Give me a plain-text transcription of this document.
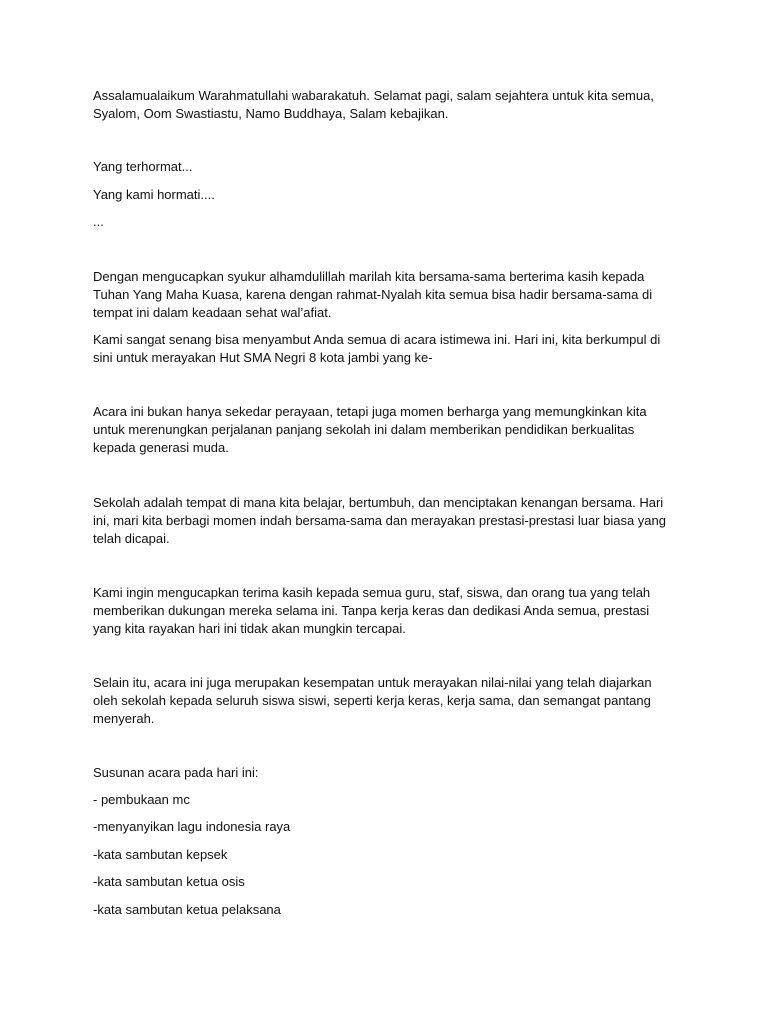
Assalamualaikum Warahmatullahi wabarakatuh. Selamat pagi, salam sejahtera untuk kita semua,
Syalom, Oom Swastiastu, Namo Buddhaya, Salam kebajikan.

Yang terhormat...

Yang kami hormati....

...

Dengan mengucapkan syukur alhamdulillah marilah kita bersama-sama berterima kasih kepada
Tuhan Yang Maha Kuasa, karena dengan rahmat-Nyalah kita semua bisa hadir bersama-sama di
tempat ini dalam keadaan sehat wal’afiat.

Kami sangat senang bisa menyambut Anda semua di acara istimewa ini. Hari ini, kita berkumpul di
sini untuk merayakan Hut SMA Negri 8 kota jambi yang ke-

Acara ini bukan hanya sekedar perayaan, tetapi juga momen berharga yang memungkinkan kita
untuk merenungkan perjalanan panjang sekolah ini dalam memberikan pendidikan berkualitas
kepada generasi muda.

Sekolah adalah tempat di mana kita belajar, bertumbuh, dan menciptakan kenangan bersama. Hari
ini, mari kita berbagi momen indah bersama-sama dan merayakan prestasi-prestasi luar biasa yang
telah dicapai.

Kami ingin mengucapkan terima kasih kepada semua guru, staf, siswa, dan orang tua yang telah
memberikan dukungan mereka selama ini. Tanpa kerja keras dan dedikasi Anda semua, prestasi
yang kita rayakan hari ini tidak akan mungkin tercapai.

Selain itu, acara ini juga merupakan kesempatan untuk merayakan nilai-nilai yang telah diajarkan
oleh sekolah kepada seluruh siswa siswi, seperti kerja keras, kerja sama, dan semangat pantang
menyerah.

Susunan acara pada hari ini:

- pembukaan mc

-menyanyikan lagu indonesia raya

-kata sambutan kepsek

-kata sambutan ketua osis

-kata sambutan ketua pelaksana
